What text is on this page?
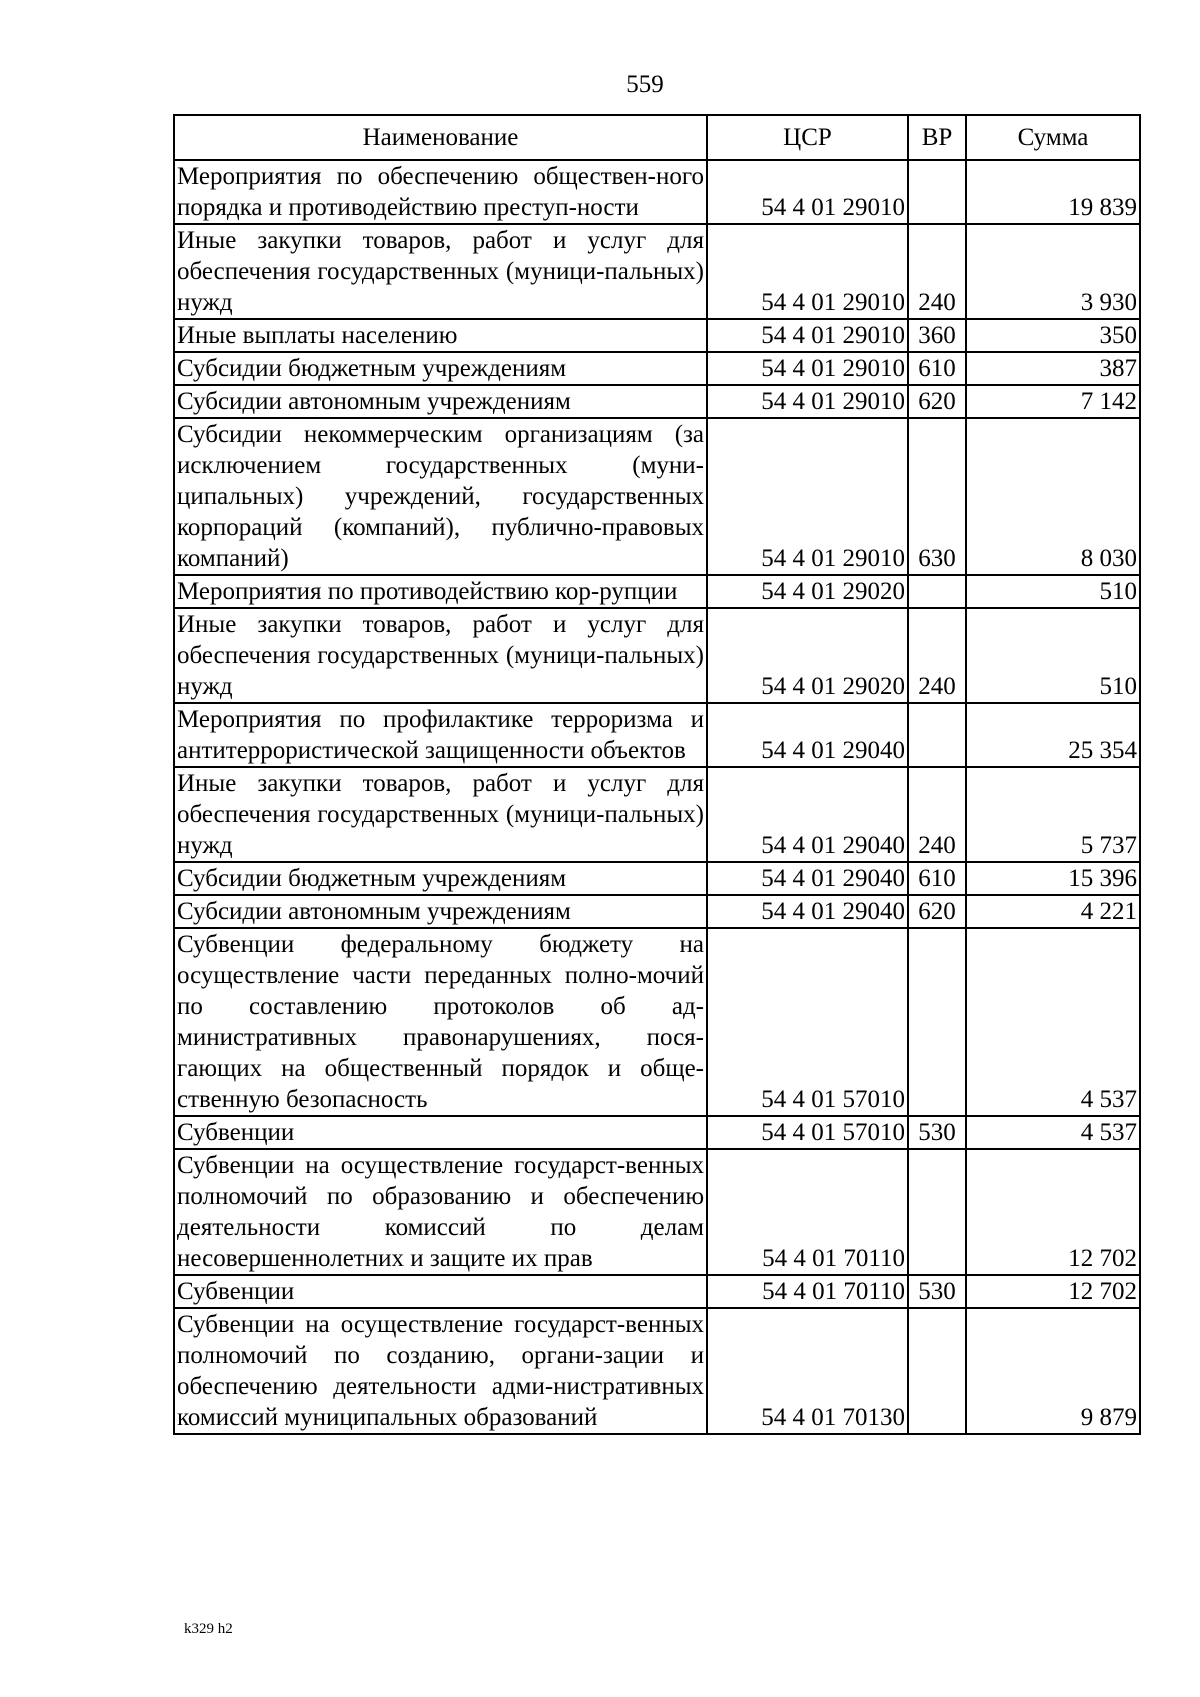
559
Наименование	ЦСР	ВР	Сумма
Мероприятия по обеспечению обществен-ного порядка и противодействию преступ-ности	54 4 01 29010		19 839
Иные закупки товаров, работ и услуг для обеспечения государственных (муници-пальных) нужд	54 4 01 29010	240	3 930
Иные выплаты населению	54 4 01 29010	360	350
Субсидии бюджетным учреждениям	54 4 01 29010	610	387
Субсидии автономным учреждениям	54 4 01 29010	620	7 142
Субсидии некоммерческим организациям (за исключением государственных (муни-ципальных) учреждений, государственных корпораций (компаний), публично-правовых компаний)	54 4 01 29010	630	8 030
Мероприятия по противодействию кор-рупции	54 4 01 29020		510
Иные закупки товаров, работ и услуг для обеспечения государственных (муници-пальных) нужд	54 4 01 29020	240	510
Мероприятия по профилактике терроризма и антитеррористической защищенности объектов	54 4 01 29040		25 354
Иные закупки товаров, работ и услуг для обеспечения государственных (муници-пальных) нужд	54 4 01 29040	240	5 737
Субсидии бюджетным учреждениям	54 4 01 29040	610	15 396
Субсидии автономным учреждениям	54 4 01 29040	620	4 221
Субвенции федеральному бюджету на осуществление части переданных полно-мочий по составлению протоколов об ад-министративных правонарушениях, пося-гающих на общественный порядок и обще-ственную безопасность	54 4 01 57010		4 537
Субвенции	54 4 01 57010	530	4 537
Субвенции на осуществление государст-венных полномочий по образованию и обеспечению деятельности комиссий по делам несовершеннолетних и защите их прав	54 4 01 70110		12 702
Субвенции	54 4 01 70110	530	12 702
Субвенции на осуществление государст-венных полномочий по созданию, органи-зации и обеспечению деятельности адми-нистративных комиссий муниципальных образований	54 4 01 70130		9 879
k329 h2
